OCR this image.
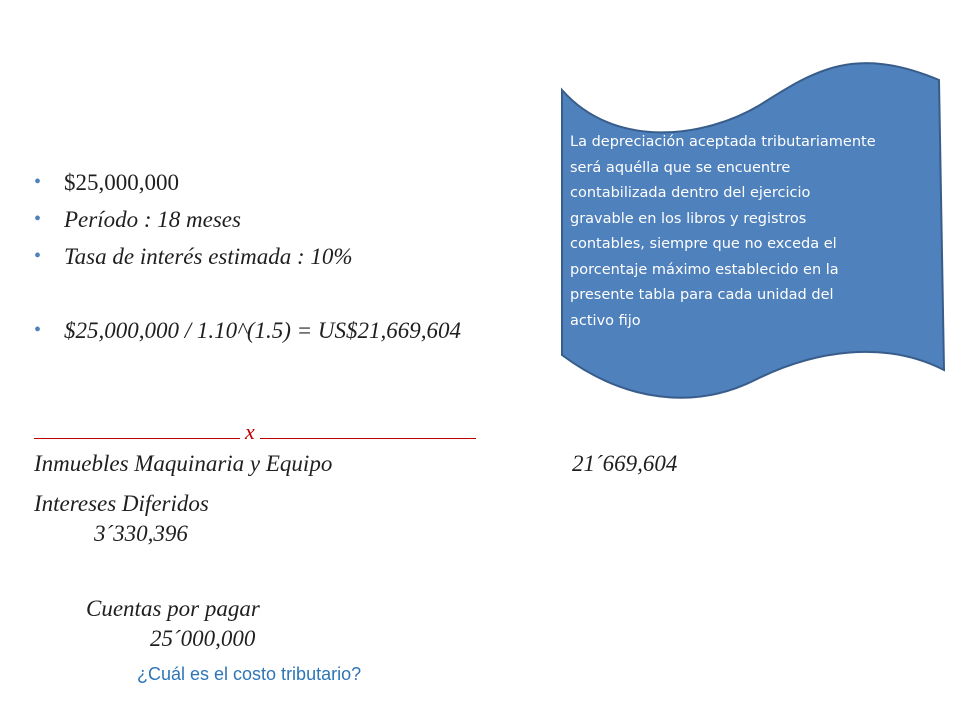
• $25,000,000
• Período : 18 meses
• Tasa de interés estimada : 10%
• $25,000,000 / 1.10^(1.5) = US$21,669,604
x
Inmuebles Maquinaria y Equipo	21´669,604
Intereses Diferidos
3´330,396
Cuentas por pagar
25´000,000
¿Cuál es el costo tributario?
La depreciación aceptada tributariamente
será aquélla que se encuentre
contabilizada dentro del ejercicio
gravable en los libros y registros
contables, siempre que no exceda el
porcentaje máximo establecido en la
presente tabla para cada unidad del
activo fijo
